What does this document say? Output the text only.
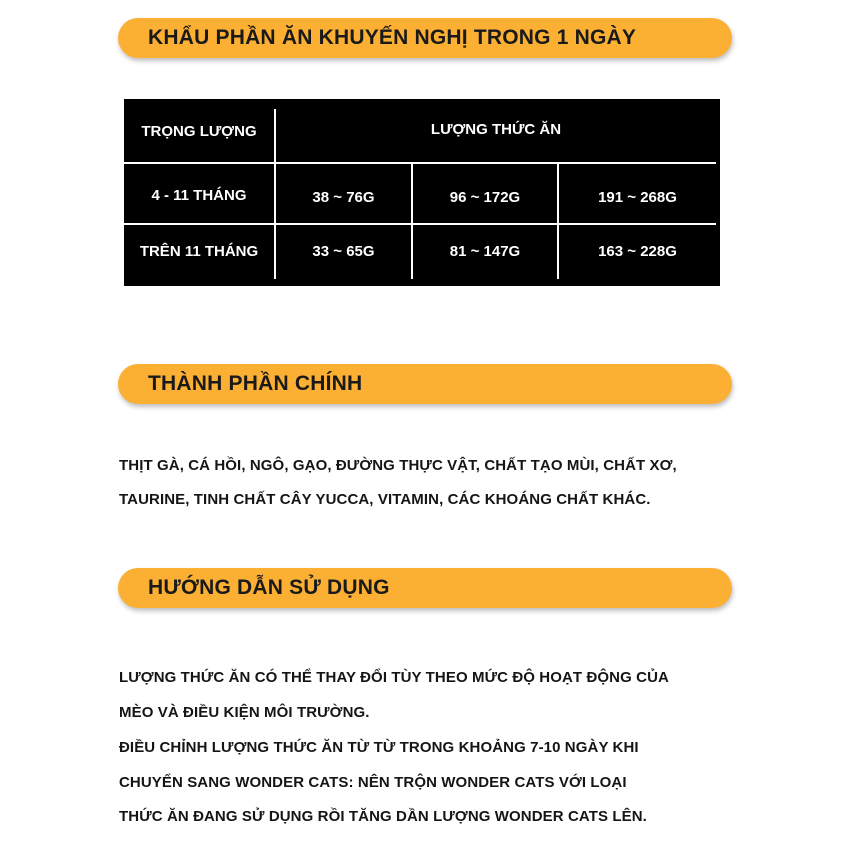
KHẨU PHẦN ĂN KHUYẾN NGHỊ TRONG 1 NGÀY
TRỌNG LƯỢNG	LƯỢNG THỨC ĂN
4 - 11 THÁNG	38 ~ 76G	96 ~ 172G	191 ~ 268G
TRÊN 11 THÁNG	33 ~ 65G	81 ~ 147G	163 ~ 228G
THÀNH PHẦN CHÍNH
THỊT GÀ, CÁ HỒI, NGÔ, GẠO, ĐƯỜNG THỰC VẬT, CHẤT TẠO MÙI, CHẤT XƠ,
TAURINE, TINH CHẤT CÂY YUCCA, VITAMIN, CÁC KHOÁNG CHẤT KHÁC.
HƯỚNG DẪN SỬ DỤNG
LƯỢNG THỨC ĂN CÓ THỂ THAY ĐỔI TÙY THEO MỨC ĐỘ HOẠT ĐỘNG CỦA
MÈO VÀ ĐIỀU KIỆN MÔI TRƯỜNG.
ĐIỀU CHỈNH LƯỢNG THỨC ĂN TỪ TỪ TRONG KHOẢNG 7-10 NGÀY KHI
CHUYỂN SANG WONDER CATS: NÊN TRỘN WONDER CATS VỚI LOẠI
THỨC ĂN ĐANG SỬ DỤNG RỒI TĂNG DẦN LƯỢNG WONDER CATS LÊN.
